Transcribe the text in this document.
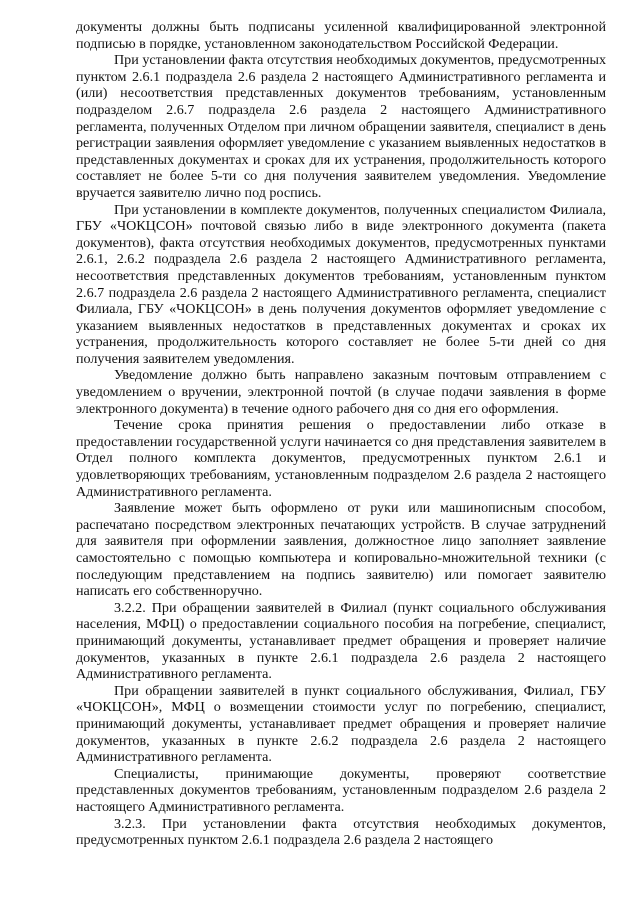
документы должны быть подписаны усиленной квалифицированной электронной подписью в порядке, установленном законодательством Российской Федерации.

При установлении факта отсутствия необходимых документов, предусмотренных пунктом 2.6.1 подраздела 2.6 раздела 2 настоящего Административного регламента и (или) несоответствия представленных документов требованиям, установленным подразделом 2.6.7 подраздела 2.6 раздела 2 настоящего Административного регламента, полученных Отделом при личном обращении заявителя, специалист в день регистрации заявления оформляет уведомление с указанием выявленных недостатков в представленных документах и сроках для их устранения, продолжительность которого составляет не более 5-ти со дня получения заявителем уведомления. Уведомление вручается заявителю лично под роспись.

При установлении в комплекте документов, полученных специалистом Филиала, ГБУ «ЧОКЦСОН» почтовой связью либо в виде электронного документа (пакета документов), факта отсутствия необходимых документов, предусмотренных пунктами 2.6.1, 2.6.2 подраздела 2.6 раздела 2 настоящего Административного регламента, несоответствия представленных документов требованиям, установленным пунктом 2.6.7 подраздела 2.6 раздела 2 настоящего Административного регламента, специалист Филиала, ГБУ «ЧОКЦСОН» в день получения документов оформляет уведомление с указанием выявленных недостатков в представленных документах и сроках их устранения, продолжительность которого составляет не более 5-ти дней со дня получения заявителем уведомления.

Уведомление должно быть направлено заказным почтовым отправлением с уведомлением о вручении, электронной почтой (в случае подачи заявления в форме электронного документа) в течение одного рабочего дня со дня его оформления.

Течение срока принятия решения о предоставлении либо отказе в предоставлении государственной услуги начинается со дня представления заявителем в Отдел полного комплекта документов, предусмотренных пунктом 2.6.1 и удовлетворяющих требованиям, установленным подразделом 2.6 раздела 2 настоящего Административного регламента.

Заявление может быть оформлено от руки или машинописным способом, распечатано посредством электронных печатающих устройств. В случае затруднений для заявителя при оформлении заявления, должностное лицо заполняет заявление самостоятельно с помощью компьютера и копировально-множительной техники (с последующим представлением на подпись заявителю) или помогает заявителю написать его собственноручно.

3.2.2. При обращении заявителей в Филиал (пункт социального обслуживания населения, МФЦ) о предоставлении социального пособия на погребение, специалист, принимающий документы, устанавливает предмет обращения и проверяет наличие документов, указанных в пункте 2.6.1 подраздела 2.6 раздела 2 настоящего Административного регламента.

При обращении заявителей в пункт социального обслуживания, Филиал, ГБУ «ЧОКЦСОН», МФЦ о возмещении стоимости услуг по погребению, специалист, принимающий документы, устанавливает предмет обращения и проверяет наличие документов, указанных в пункте 2.6.2 подраздела 2.6 раздела 2 настоящего Административного регламента.

Специалисты, принимающие документы, проверяют соответствие представленных документов требованиям, установленным подразделом 2.6 раздела 2 настоящего Административного регламента.

3.2.3. При установлении факта отсутствия необходимых документов, предусмотренных пунктом 2.6.1 подраздела 2.6 раздела 2 настоящего
